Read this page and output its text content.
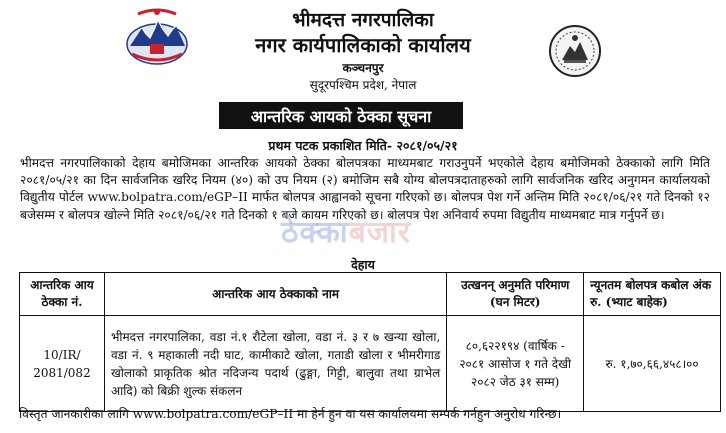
भीमदत्त नगरपालिका
नगर कार्यपालिकाको कार्यालय
कञ्चनपुर
सुदूरपश्चिम प्रदेश, नेपाल
आन्तरिक आयको ठेक्का सूचना
प्रथम पटक प्रकाशित मिति- २०८१/०५/२१
भीमदत्त नगरपालिकाको देहाय बमोजिमका आन्तरिक आयको ठेक्का बोलपत्रका माध्यमबाट गराउनुपर्ने भएकोले देहाय बमोजिमको ठेक्काको लागि मिति २०८१/०५/२१ का दिन सार्वजनिक खरिद नियम (४०) को उप नियम (२) बमोजिम सबै योग्य बोलपत्रदाताहरुको लागि सार्वजनिक खरिद अनुगमन कार्यालयको विद्युतीय पोर्टल www.bolpatra.com/eGP–II मार्फत बोलपत्र आह्वानको सूचना गरिएको छ। बोलपत्र पेश गर्ने अन्तिम मिति २०८१/०६/२१ गते दिनको १२ बजेसम्म र बोलपत्र खोल्ने मिति २०८१/०६/२१ गते दिनको १ बजे कायम गरिएको छ। बोलपत्र पेश अनिवार्य रुपमा विद्युतीय माध्यमबाट मात्र गर्नुपर्ने छ।
ठेक्काबजार
देहाय
आन्तरिक आय ठेक्का नं.	आन्तरिक आय ठेक्काको नाम	उत्खनन् अनुमति परिमाण (घन मिटर)	न्यूनतम बोलपत्र कबोल अंक रु. (भ्याट बाहेक)
10/IR/ 2081/082	भीमदत्त नगरपालिका, वडा नं.१ रौटेला खोला, वडा नं. ३ र ७ खन्या खोला, वडा नं. ९ महाकाली नदी घाट, कामीकाटे खोला, गताडी खोला र भीमरीगाड खोलाको प्राकृतिक श्रोत नदिजन्य पदार्थ (ढुङ्गा, गिट्टी, बालुवा तथा ग्राभेल आदि) को बिक्री शुल्क संकलन	८०,६२२१९४ (वार्षिक - २०८१ आसोज १ गते देखी २०८२ जेठ ३१ सम्म)	रु. १,७०,६६,४५८।००
विस्तृत जानकारीका लागि www.bolpatra.com/eGP–II मा हेर्न हुन वा यस कार्यालयमा सम्पर्क गर्नहुन अनुरोध गरिन्छ।
